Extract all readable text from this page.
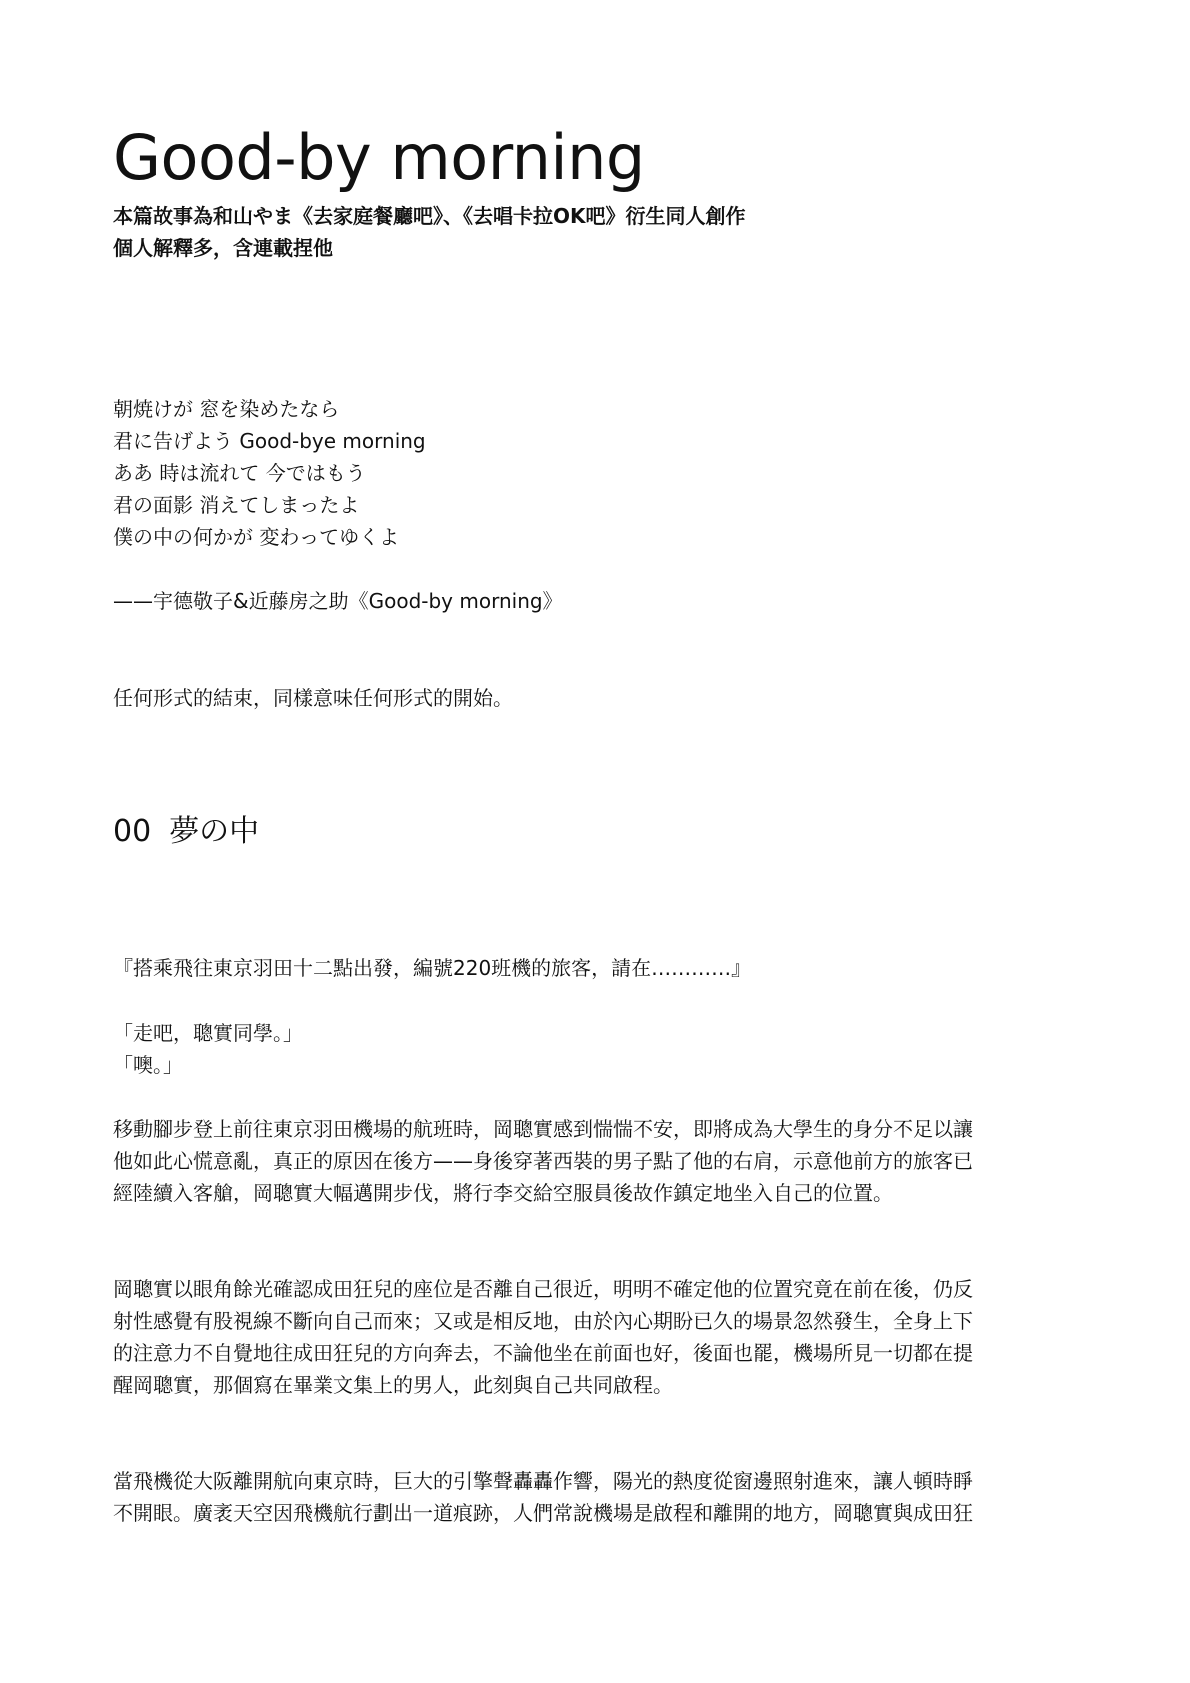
Good-by morning
本篇故事為和山やま《去家庭餐廳吧》、《去唱卡拉OK吧》衍生同人創作
個人解釋多，含連載捏他
朝焼けが 窓を染めたなら
君に告げよう Good-bye morning
ああ 時は流れて 今ではもう
君の面影 消えてしまったよ
僕の中の何かが 変わってゆくよ
——宇德敬子&近藤房之助《Good-by morning》
任何形式的結束，同樣意味任何形式的開始。
00 夢の中
『搭乘飛往東京羽田十二點出發，編號220班機的旅客，請在…………』
「走吧，聰實同學。」
「噢。」
移動腳步登上前往東京羽田機場的航班時，岡聰實感到惴惴不安，即將成為大學生的身分不足以讓
他如此心慌意亂，真正的原因在後方——身後穿著西裝的男子點了他的右肩，示意他前方的旅客已
經陸續入客艙，岡聰實大幅邁開步伐，將行李交給空服員後故作鎮定地坐入自己的位置。
岡聰實以眼角餘光確認成田狂兒的座位是否離自己很近，明明不確定他的位置究竟在前在後，仍反
射性感覺有股視線不斷向自己而來；又或是相反地，由於內心期盼已久的場景忽然發生，全身上下
的注意力不自覺地往成田狂兒的方向奔去，不論他坐在前面也好，後面也罷，機場所見一切都在提
醒岡聰實，那個寫在畢業文集上的男人，此刻與自己共同啟程。
當飛機從大阪離開航向東京時，巨大的引擎聲轟轟作響，陽光的熱度從窗邊照射進來，讓人頓時睜
不開眼。廣袤天空因飛機航行劃出一道痕跡，人們常說機場是啟程和離開的地方，岡聰實與成田狂
